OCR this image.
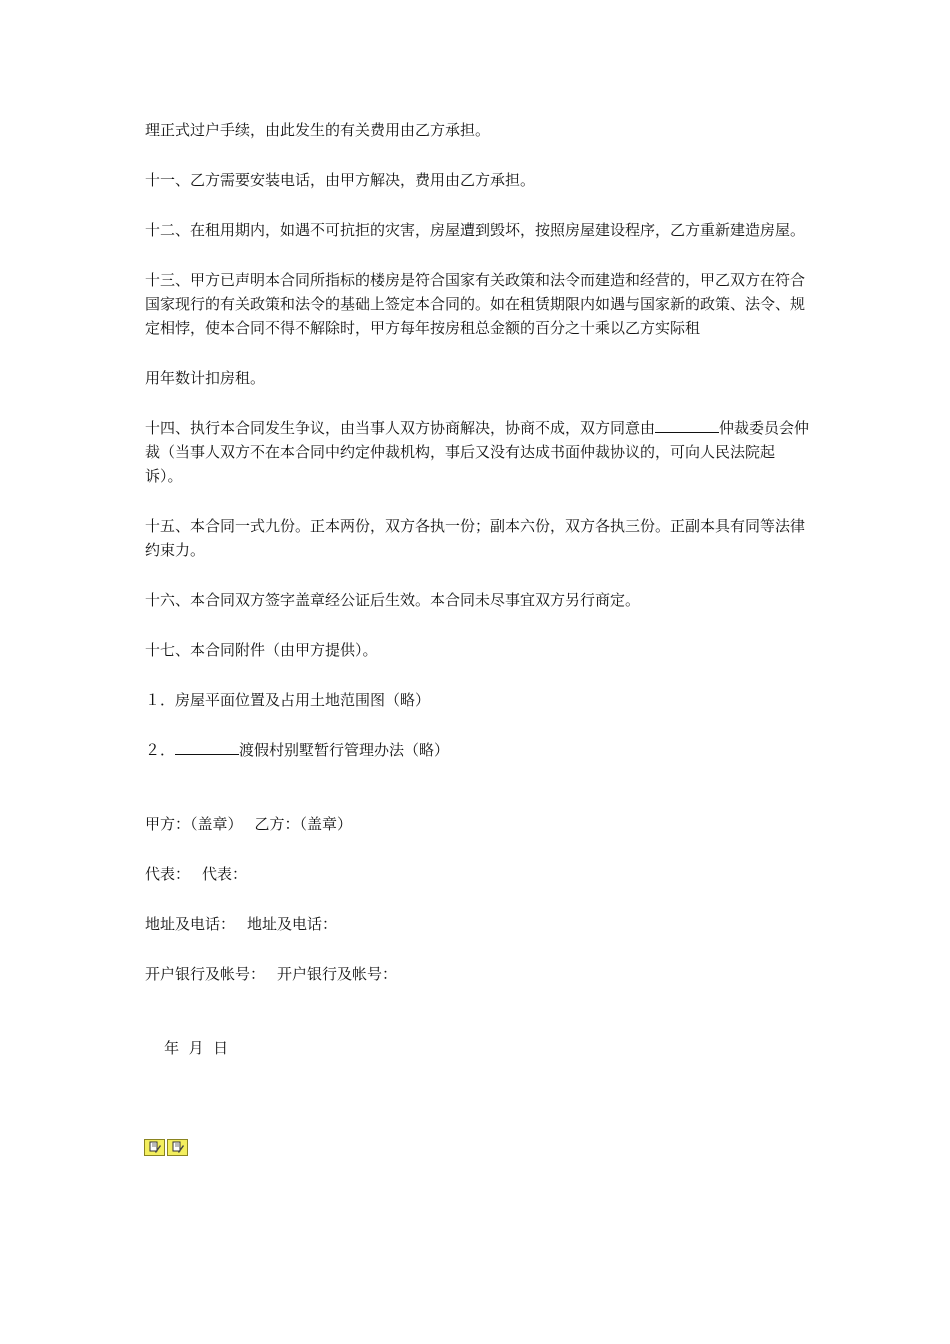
理正式过户手续，由此发生的有关费用由乙方承担。

十一、乙方需要安装电话，由甲方解决，费用由乙方承担。

十二、在租用期内，如遇不可抗拒的灾害，房屋遭到毁坏，按照房屋建设程序，乙方重新建造房屋。

十三、甲方已声明本合同所指标的楼房是符合国家有关政策和法令而建造和经营的，甲乙双方在符合国家现行的有关政策和法令的基础上签定本合同的。如在租赁期限内如遇与国家新的政策、法令、规定相悖，使本合同不得不解除时，甲方每年按房租总金额的百分之十乘以乙方实际租

用年数计扣房租。

十四、执行本合同发生争议，由当事人双方协商解决，协商不成，双方同意由	仲裁委员会仲裁（当事人双方不在本合同中约定仲裁机构，事后又没有达成书面仲裁协议的，可向人民法院起诉）。

十五、本合同一式九份。正本两份，双方各执一份；副本六份，双方各执三份。正副本具有同等法律约束力。

十六、本合同双方签字盖章经公证后生效。本合同未尽事宜双方另行商定。

十七、本合同附件（由甲方提供）。

１．房屋平面位置及占用土地范围图（略）

２．	渡假村别墅暂行管理办法（略）

甲方：（盖章） 乙方：（盖章）
代表： 代表：
地址及电话： 地址及电话：
开户银行及帐号： 开户银行及帐号：

年  月  日
